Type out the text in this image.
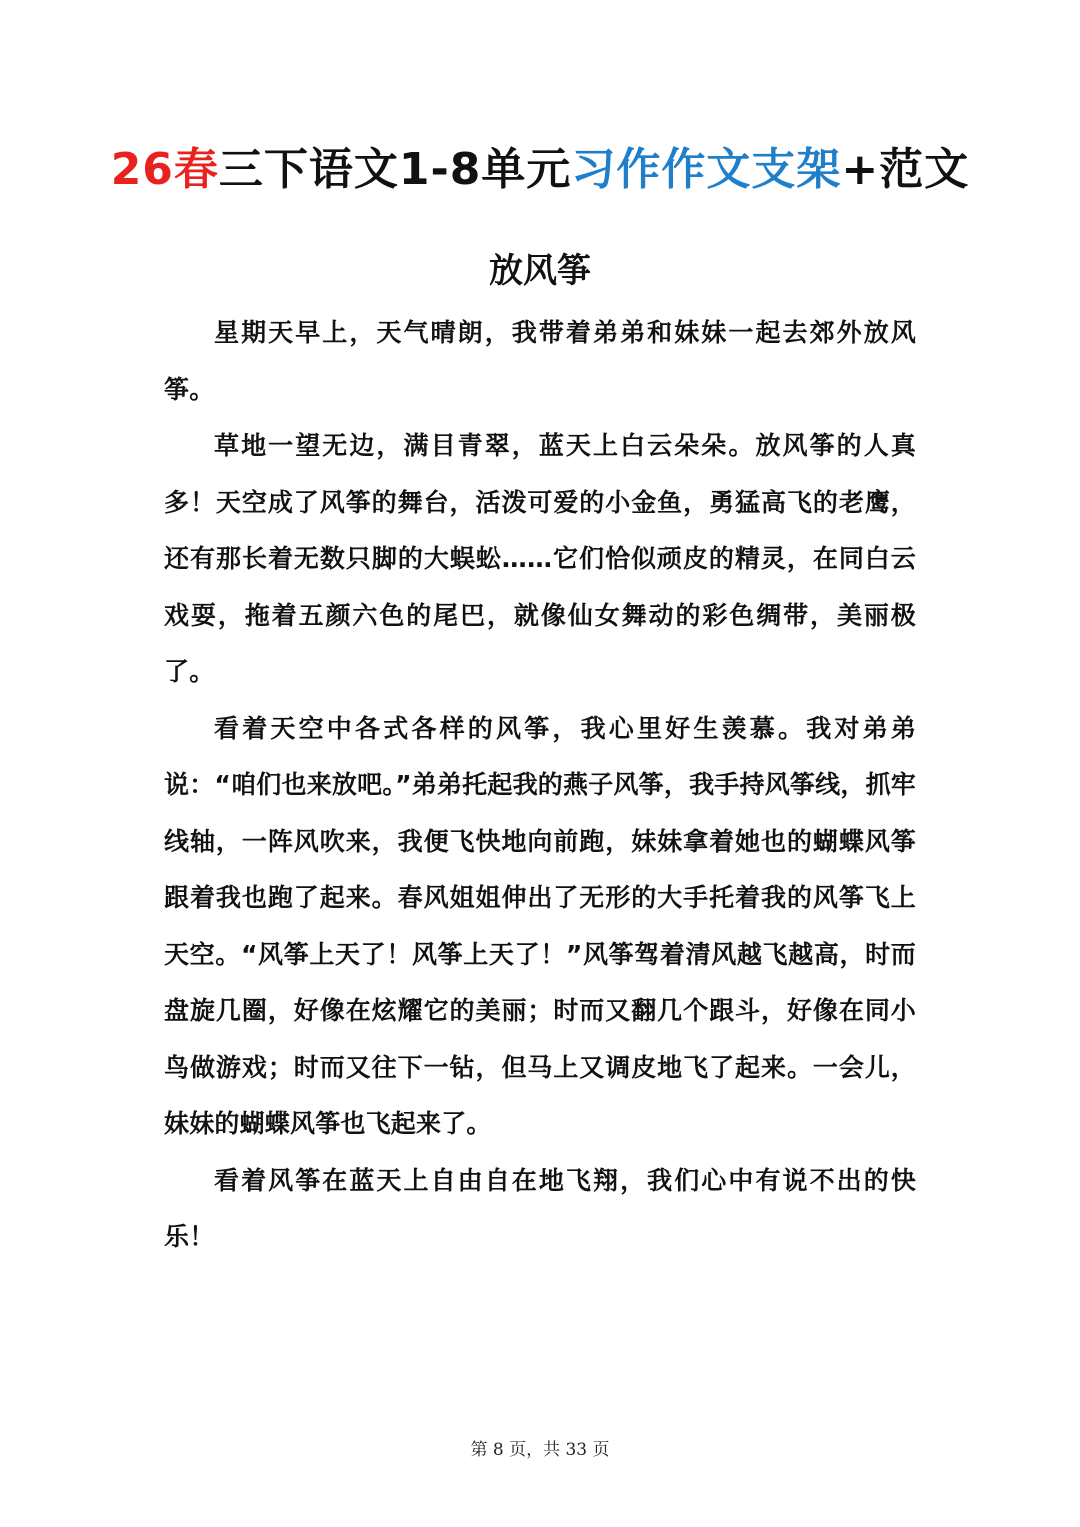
26春三下语文1-8单元习作作文支架+范文
放风筝

星期天早上，天气晴朗，我带着弟弟和妹妹一起去郊外放风筝。

草地一望无边，满目青翠，蓝天上白云朵朵。放风筝的人真多！天空成了风筝的舞台，活泼可爱的小金鱼，勇猛高飞的老鹰，还有那长着无数只脚的大蜈蚣……它们恰似顽皮的精灵，在同白云戏耍，拖着五颜六色的尾巴，就像仙女舞动的彩色绸带，美丽极了。

看着天空中各式各样的风筝，我心里好生羡慕。我对弟弟说：“咱们也来放吧。”弟弟托起我的燕子风筝，我手持风筝线，抓牢线轴，一阵风吹来，我便飞快地向前跑，妹妹拿着她也的蝴蝶风筝跟着我也跑了起来。春风姐姐伸出了无形的大手托着我的风筝飞上天空。“风筝上天了！风筝上天了！”风筝驾着清风越飞越高，时而盘旋几圈，好像在炫耀它的美丽；时而又翻几个跟斗，好像在同小鸟做游戏；时而又往下一钻，但马上又调皮地飞了起来。一会儿，妹妹的蝴蝶风筝也飞起来了。

看着风筝在蓝天上自由自在地飞翔，我们心中有说不出的快乐！

第 8 页，共 33 页
